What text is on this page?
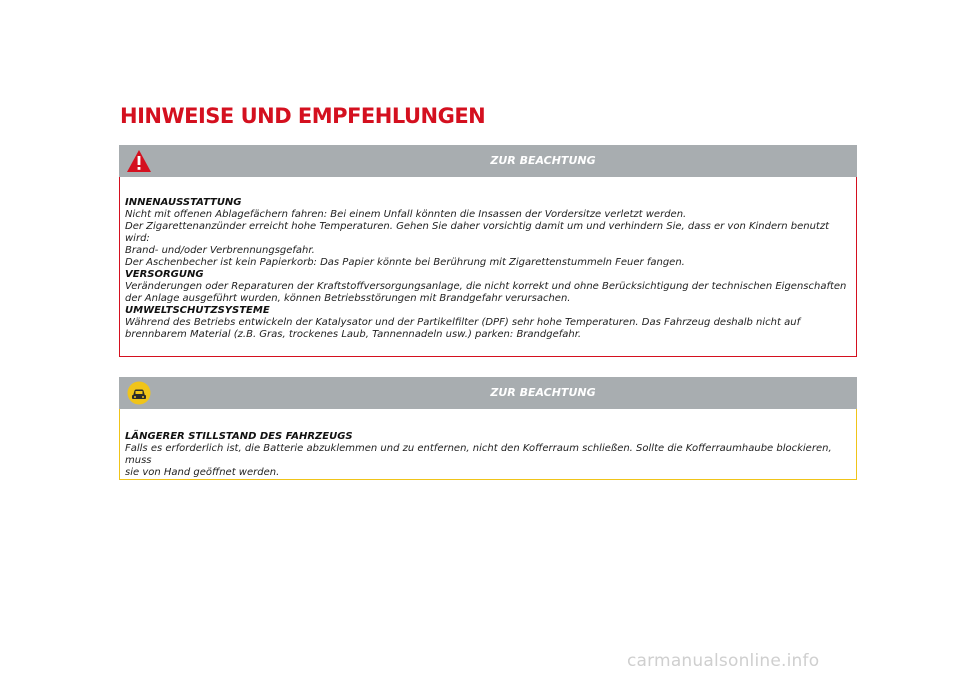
HINWEISE UND EMPFEHLUNGEN
ZUR BEACHTUNG
INNENAUSSTATTUNG
Nicht mit offenen Ablagefächern fahren: Bei einem Unfall könnten die Insassen der Vordersitze verletzt werden.
Der Zigarettenanzünder erreicht hohe Temperaturen. Gehen Sie daher vorsichtig damit um und verhindern Sie, dass er von Kindern benutzt wird:
Brand- und/oder Verbrennungsgefahr.
Der Aschenbecher ist kein Papierkorb: Das Papier könnte bei Berührung mit Zigarettenstummeln Feuer fangen.
VERSORGUNG
Veränderungen oder Reparaturen der Kraftstoffversorgungsanlage, die nicht korrekt und ohne Berücksichtigung der technischen Eigenschaften
der Anlage ausgeführt wurden, können Betriebsstörungen mit Brandgefahr verursachen.
UMWELTSCHUTZSYSTEME
Während des Betriebs entwickeln der Katalysator und der Partikelfilter (DPF) sehr hohe Temperaturen. Das Fahrzeug deshalb nicht auf
brennbarem Material (z.B. Gras, trockenes Laub, Tannennadeln usw.) parken: Brandgefahr.
ZUR BEACHTUNG
LÄNGERER STILLSTAND DES FAHRZEUGS
Falls es erforderlich ist, die Batterie abzuklemmen und zu entfernen, nicht den Kofferraum schließen. Sollte die Kofferraumhaube blockieren, muss
sie von Hand geöffnet werden.
carmanualsonline.info
